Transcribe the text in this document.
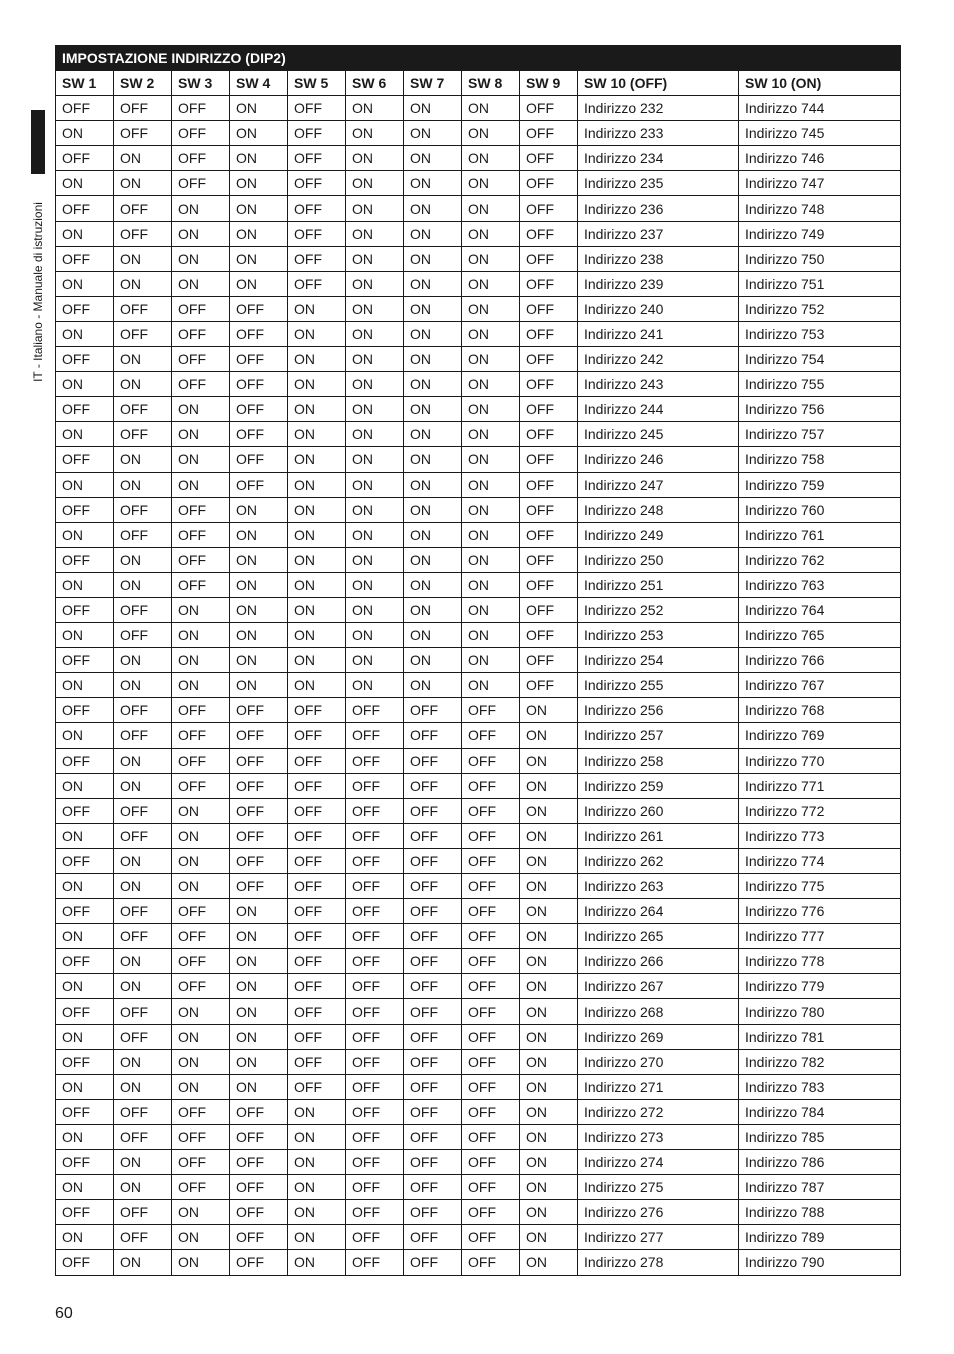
IT - Italiano - Manuale di istruzioni
IMPOSTAZIONE INDIRIZZO (DIP2)										
SW 1	SW 2	SW 3	SW 4	SW 5	SW 6	SW 7	SW 8	SW 9	SW 10 (OFF)	SW 10 (ON)
OFF	OFF	OFF	ON	OFF	ON	ON	ON	OFF	Indirizzo 232	Indirizzo 744
ON	OFF	OFF	ON	OFF	ON	ON	ON	OFF	Indirizzo 233	Indirizzo 745
OFF	ON	OFF	ON	OFF	ON	ON	ON	OFF	Indirizzo 234	Indirizzo 746
ON	ON	OFF	ON	OFF	ON	ON	ON	OFF	Indirizzo 235	Indirizzo 747
OFF	OFF	ON	ON	OFF	ON	ON	ON	OFF	Indirizzo 236	Indirizzo 748
ON	OFF	ON	ON	OFF	ON	ON	ON	OFF	Indirizzo 237	Indirizzo 749
OFF	ON	ON	ON	OFF	ON	ON	ON	OFF	Indirizzo 238	Indirizzo 750
ON	ON	ON	ON	OFF	ON	ON	ON	OFF	Indirizzo 239	Indirizzo 751
OFF	OFF	OFF	OFF	ON	ON	ON	ON	OFF	Indirizzo 240	Indirizzo 752
ON	OFF	OFF	OFF	ON	ON	ON	ON	OFF	Indirizzo 241	Indirizzo 753
OFF	ON	OFF	OFF	ON	ON	ON	ON	OFF	Indirizzo 242	Indirizzo 754
ON	ON	OFF	OFF	ON	ON	ON	ON	OFF	Indirizzo 243	Indirizzo 755
OFF	OFF	ON	OFF	ON	ON	ON	ON	OFF	Indirizzo 244	Indirizzo 756
ON	OFF	ON	OFF	ON	ON	ON	ON	OFF	Indirizzo 245	Indirizzo 757
OFF	ON	ON	OFF	ON	ON	ON	ON	OFF	Indirizzo 246	Indirizzo 758
ON	ON	ON	OFF	ON	ON	ON	ON	OFF	Indirizzo 247	Indirizzo 759
OFF	OFF	OFF	ON	ON	ON	ON	ON	OFF	Indirizzo 248	Indirizzo 760
ON	OFF	OFF	ON	ON	ON	ON	ON	OFF	Indirizzo 249	Indirizzo 761
OFF	ON	OFF	ON	ON	ON	ON	ON	OFF	Indirizzo 250	Indirizzo 762
ON	ON	OFF	ON	ON	ON	ON	ON	OFF	Indirizzo 251	Indirizzo 763
OFF	OFF	ON	ON	ON	ON	ON	ON	OFF	Indirizzo 252	Indirizzo 764
ON	OFF	ON	ON	ON	ON	ON	ON	OFF	Indirizzo 253	Indirizzo 765
OFF	ON	ON	ON	ON	ON	ON	ON	OFF	Indirizzo 254	Indirizzo 766
ON	ON	ON	ON	ON	ON	ON	ON	OFF	Indirizzo 255	Indirizzo 767
OFF	OFF	OFF	OFF	OFF	OFF	OFF	OFF	ON	Indirizzo 256	Indirizzo 768
ON	OFF	OFF	OFF	OFF	OFF	OFF	OFF	ON	Indirizzo 257	Indirizzo 769
OFF	ON	OFF	OFF	OFF	OFF	OFF	OFF	ON	Indirizzo 258	Indirizzo 770
ON	ON	OFF	OFF	OFF	OFF	OFF	OFF	ON	Indirizzo 259	Indirizzo 771
OFF	OFF	ON	OFF	OFF	OFF	OFF	OFF	ON	Indirizzo 260	Indirizzo 772
ON	OFF	ON	OFF	OFF	OFF	OFF	OFF	ON	Indirizzo 261	Indirizzo 773
OFF	ON	ON	OFF	OFF	OFF	OFF	OFF	ON	Indirizzo 262	Indirizzo 774
ON	ON	ON	OFF	OFF	OFF	OFF	OFF	ON	Indirizzo 263	Indirizzo 775
OFF	OFF	OFF	ON	OFF	OFF	OFF	OFF	ON	Indirizzo 264	Indirizzo 776
ON	OFF	OFF	ON	OFF	OFF	OFF	OFF	ON	Indirizzo 265	Indirizzo 777
OFF	ON	OFF	ON	OFF	OFF	OFF	OFF	ON	Indirizzo 266	Indirizzo 778
ON	ON	OFF	ON	OFF	OFF	OFF	OFF	ON	Indirizzo 267	Indirizzo 779
OFF	OFF	ON	ON	OFF	OFF	OFF	OFF	ON	Indirizzo 268	Indirizzo 780
ON	OFF	ON	ON	OFF	OFF	OFF	OFF	ON	Indirizzo 269	Indirizzo 781
OFF	ON	ON	ON	OFF	OFF	OFF	OFF	ON	Indirizzo 270	Indirizzo 782
ON	ON	ON	ON	OFF	OFF	OFF	OFF	ON	Indirizzo 271	Indirizzo 783
OFF	OFF	OFF	OFF	ON	OFF	OFF	OFF	ON	Indirizzo 272	Indirizzo 784
ON	OFF	OFF	OFF	ON	OFF	OFF	OFF	ON	Indirizzo 273	Indirizzo 785
OFF	ON	OFF	OFF	ON	OFF	OFF	OFF	ON	Indirizzo 274	Indirizzo 786
ON	ON	OFF	OFF	ON	OFF	OFF	OFF	ON	Indirizzo 275	Indirizzo 787
OFF	OFF	ON	OFF	ON	OFF	OFF	OFF	ON	Indirizzo 276	Indirizzo 788
ON	OFF	ON	OFF	ON	OFF	OFF	OFF	ON	Indirizzo 277	Indirizzo 789
OFF	ON	ON	OFF	ON	OFF	OFF	OFF	ON	Indirizzo 278	Indirizzo 790
60
